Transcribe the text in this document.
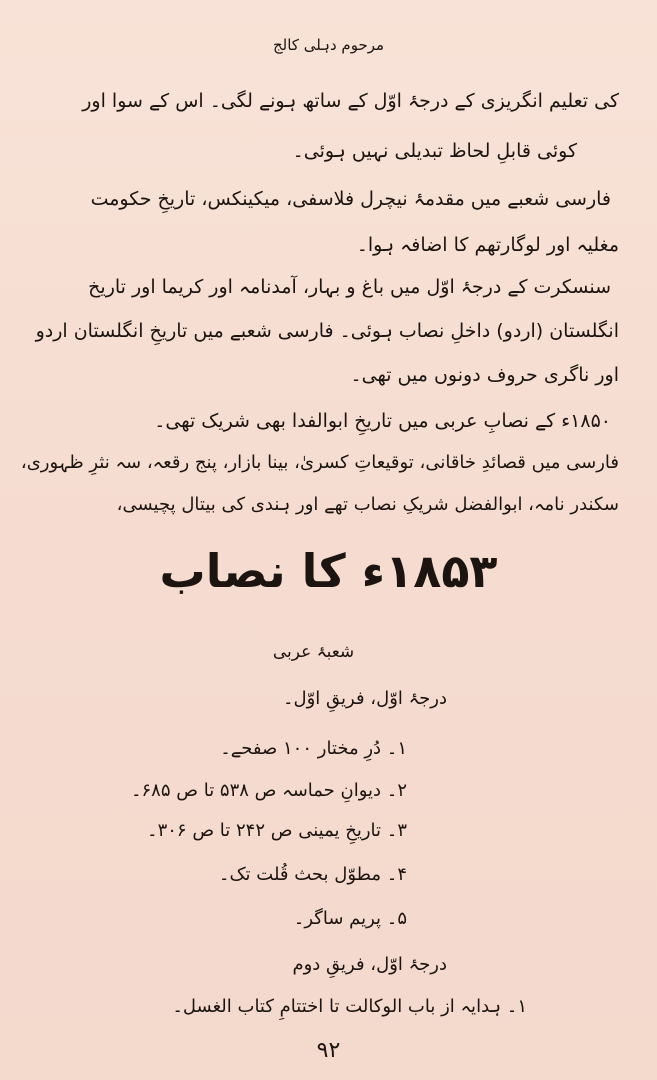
مرحوم دہلی کالج
کی تعلیم انگریزی کے درجۂ اوّل کے ساتھ ہونے لگی۔ اس کے سوا اور
کوئی قابلِ لحاظ تبدیلی نہیں ہوئی۔
فارسی شعبے میں مقدمۂ نیچرل فلاسفی، میکینکس، تاریخِ حکومت
مغلیہ اور لوگارتھم کا اضافہ ہوا۔
سنسکرت کے درجۂ اوّل میں باغ و بہار، آمدنامہ اور کریما اور تاریخ
انگلستان (اردو) داخلِ نصاب ہوئی۔ فارسی شعبے میں تاریخِ انگلستان اردو
اور ناگری حروف دونوں میں تھی۔
۱۸۵۰ء کے نصابِ عربی میں تاریخِ ابوالفدا بھی شریک تھی۔
فارسی میں قصائدِ خاقانی، توقیعاتِ کسریٰ، بینا بازار، پنج رقعہ، سہ نثرِ ظہوری،
سکندر نامہ، ابوالفضل شریکِ نصاب تھے اور ہندی کی بیتال پچیسی،
۱۸۵۳ء کا نصاب
شعبۂ عربی
درجۂ اوّل، فریقِ اوّل۔
۱۔ دُرِ مختار ۱۰۰ صفحے۔
۲۔ دیوانِ حماسہ ص ۵۳۸ تا ص ۶۸۵۔
۳۔ تاریخِ یمینی ص ۲۴۲ تا ص ۳۰۶۔
۴۔ مطوّل بحث قُلت تک۔
۵۔ پریم ساگر۔
درجۂ اوّل، فریقِ دوم
۱۔ ہدایہ از باب الوکالت تا اختتامِ کتاب الغسل۔
۹۲
